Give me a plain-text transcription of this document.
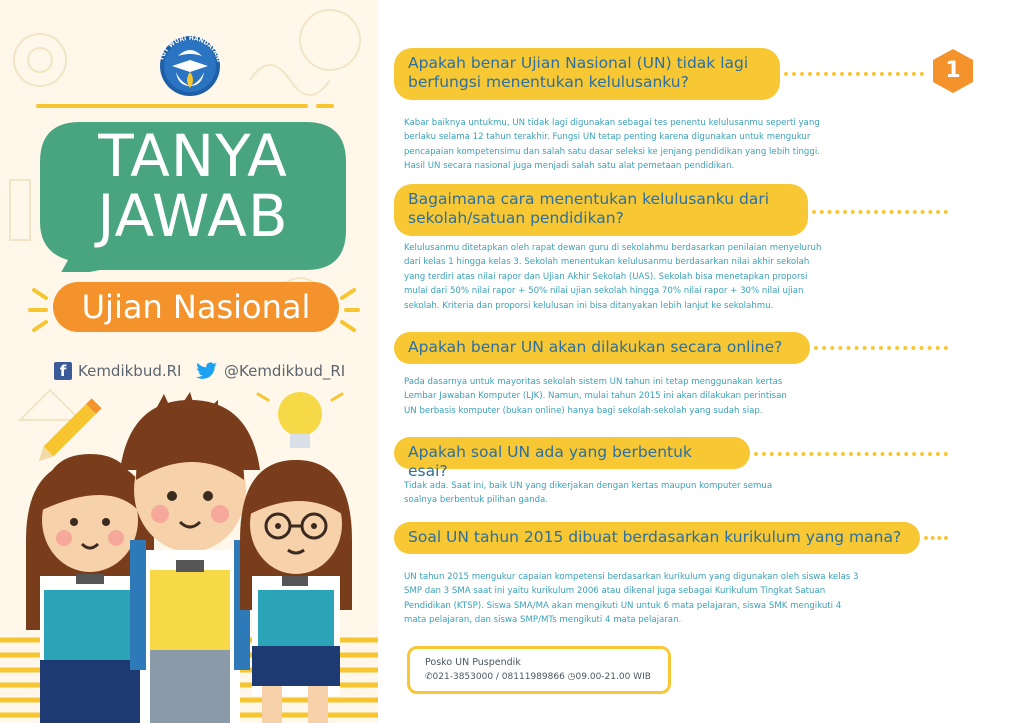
TUT WURI HANDAYANI
TANYA
JAWAB
Ujian Nasional
f Kemdikbud.RI	@Kemdikbud_RI
Apakah benar Ujian Nasional (UN) tidak lagi
berfungsi menentukan kelulusanku?	1
Kabar baiknya untukmu, UN tidak lagi digunakan sebagai tes penentu kelulusanmu seperti yang
berlaku selama 12 tahun terakhir. Fungsi UN tetap penting karena digunakan untuk mengukur
pencapaian kompetensimu dan salah satu dasar seleksi ke jenjang pendidikan yang lebih tinggi.
Hasil UN secara nasional juga menjadi salah satu alat pemetaan pendidikan.
Bagaimana cara menentukan kelulusanku dari
sekolah/satuan pendidikan?
Kelulusanmu ditetapkan oleh rapat dewan guru di sekolahmu berdasarkan penilaian menyeluruh
dari kelas 1 hingga kelas 3. Sekolah menentukan kelulusanmu berdasarkan nilai akhir sekolah
yang terdiri atas nilai rapor dan Ujian Akhir Sekolah (UAS). Sekolah bisa menetapkan proporsi
mulai dari 50% nilai rapor + 50% nilai ujian sekolah hingga 70% nilai rapor + 30% nilai ujian
sekolah. Kriteria dan proporsi kelulusan ini bisa ditanyakan lebih lanjut ke sekolahmu.
Apakah benar UN akan dilakukan secara online?
Pada dasarnya untuk mayoritas sekolah sistem UN tahun ini tetap menggunakan kertas
Lembar Jawaban Komputer (LJK). Namun, mulai tahun 2015 ini akan dilakukan perintisan
UN berbasis komputer (bukan online) hanya bagi sekolah-sekolah yang sudah siap.
Apakah soal UN ada yang berbentuk esai?
Tidak ada. Saat ini, baik UN yang dikerjakan dengan kertas maupun komputer semua
soalnya berbentuk pilihan ganda.
Soal UN tahun 2015 dibuat berdasarkan kurikulum yang mana?
UN tahun 2015 mengukur capaian kompetensi berdasarkan kurikulum yang digunakan oleh siswa kelas 3
SMP dan 3 SMA saat ini yaitu kurikulum 2006 atau dikenal juga sebagai Kurikulum Tingkat Satuan
Pendidikan (KTSP). Siswa SMA/MA akan mengikuti UN untuk 6 mata pelajaran, siswa SMK mengikuti 4
mata pelajaran, dan siswa SMP/MTs mengikuti 4 mata pelajaran.
Posko UN Puspendik
✆021-3853000 / 08111989866 ◷09.00-21.00 WIB
